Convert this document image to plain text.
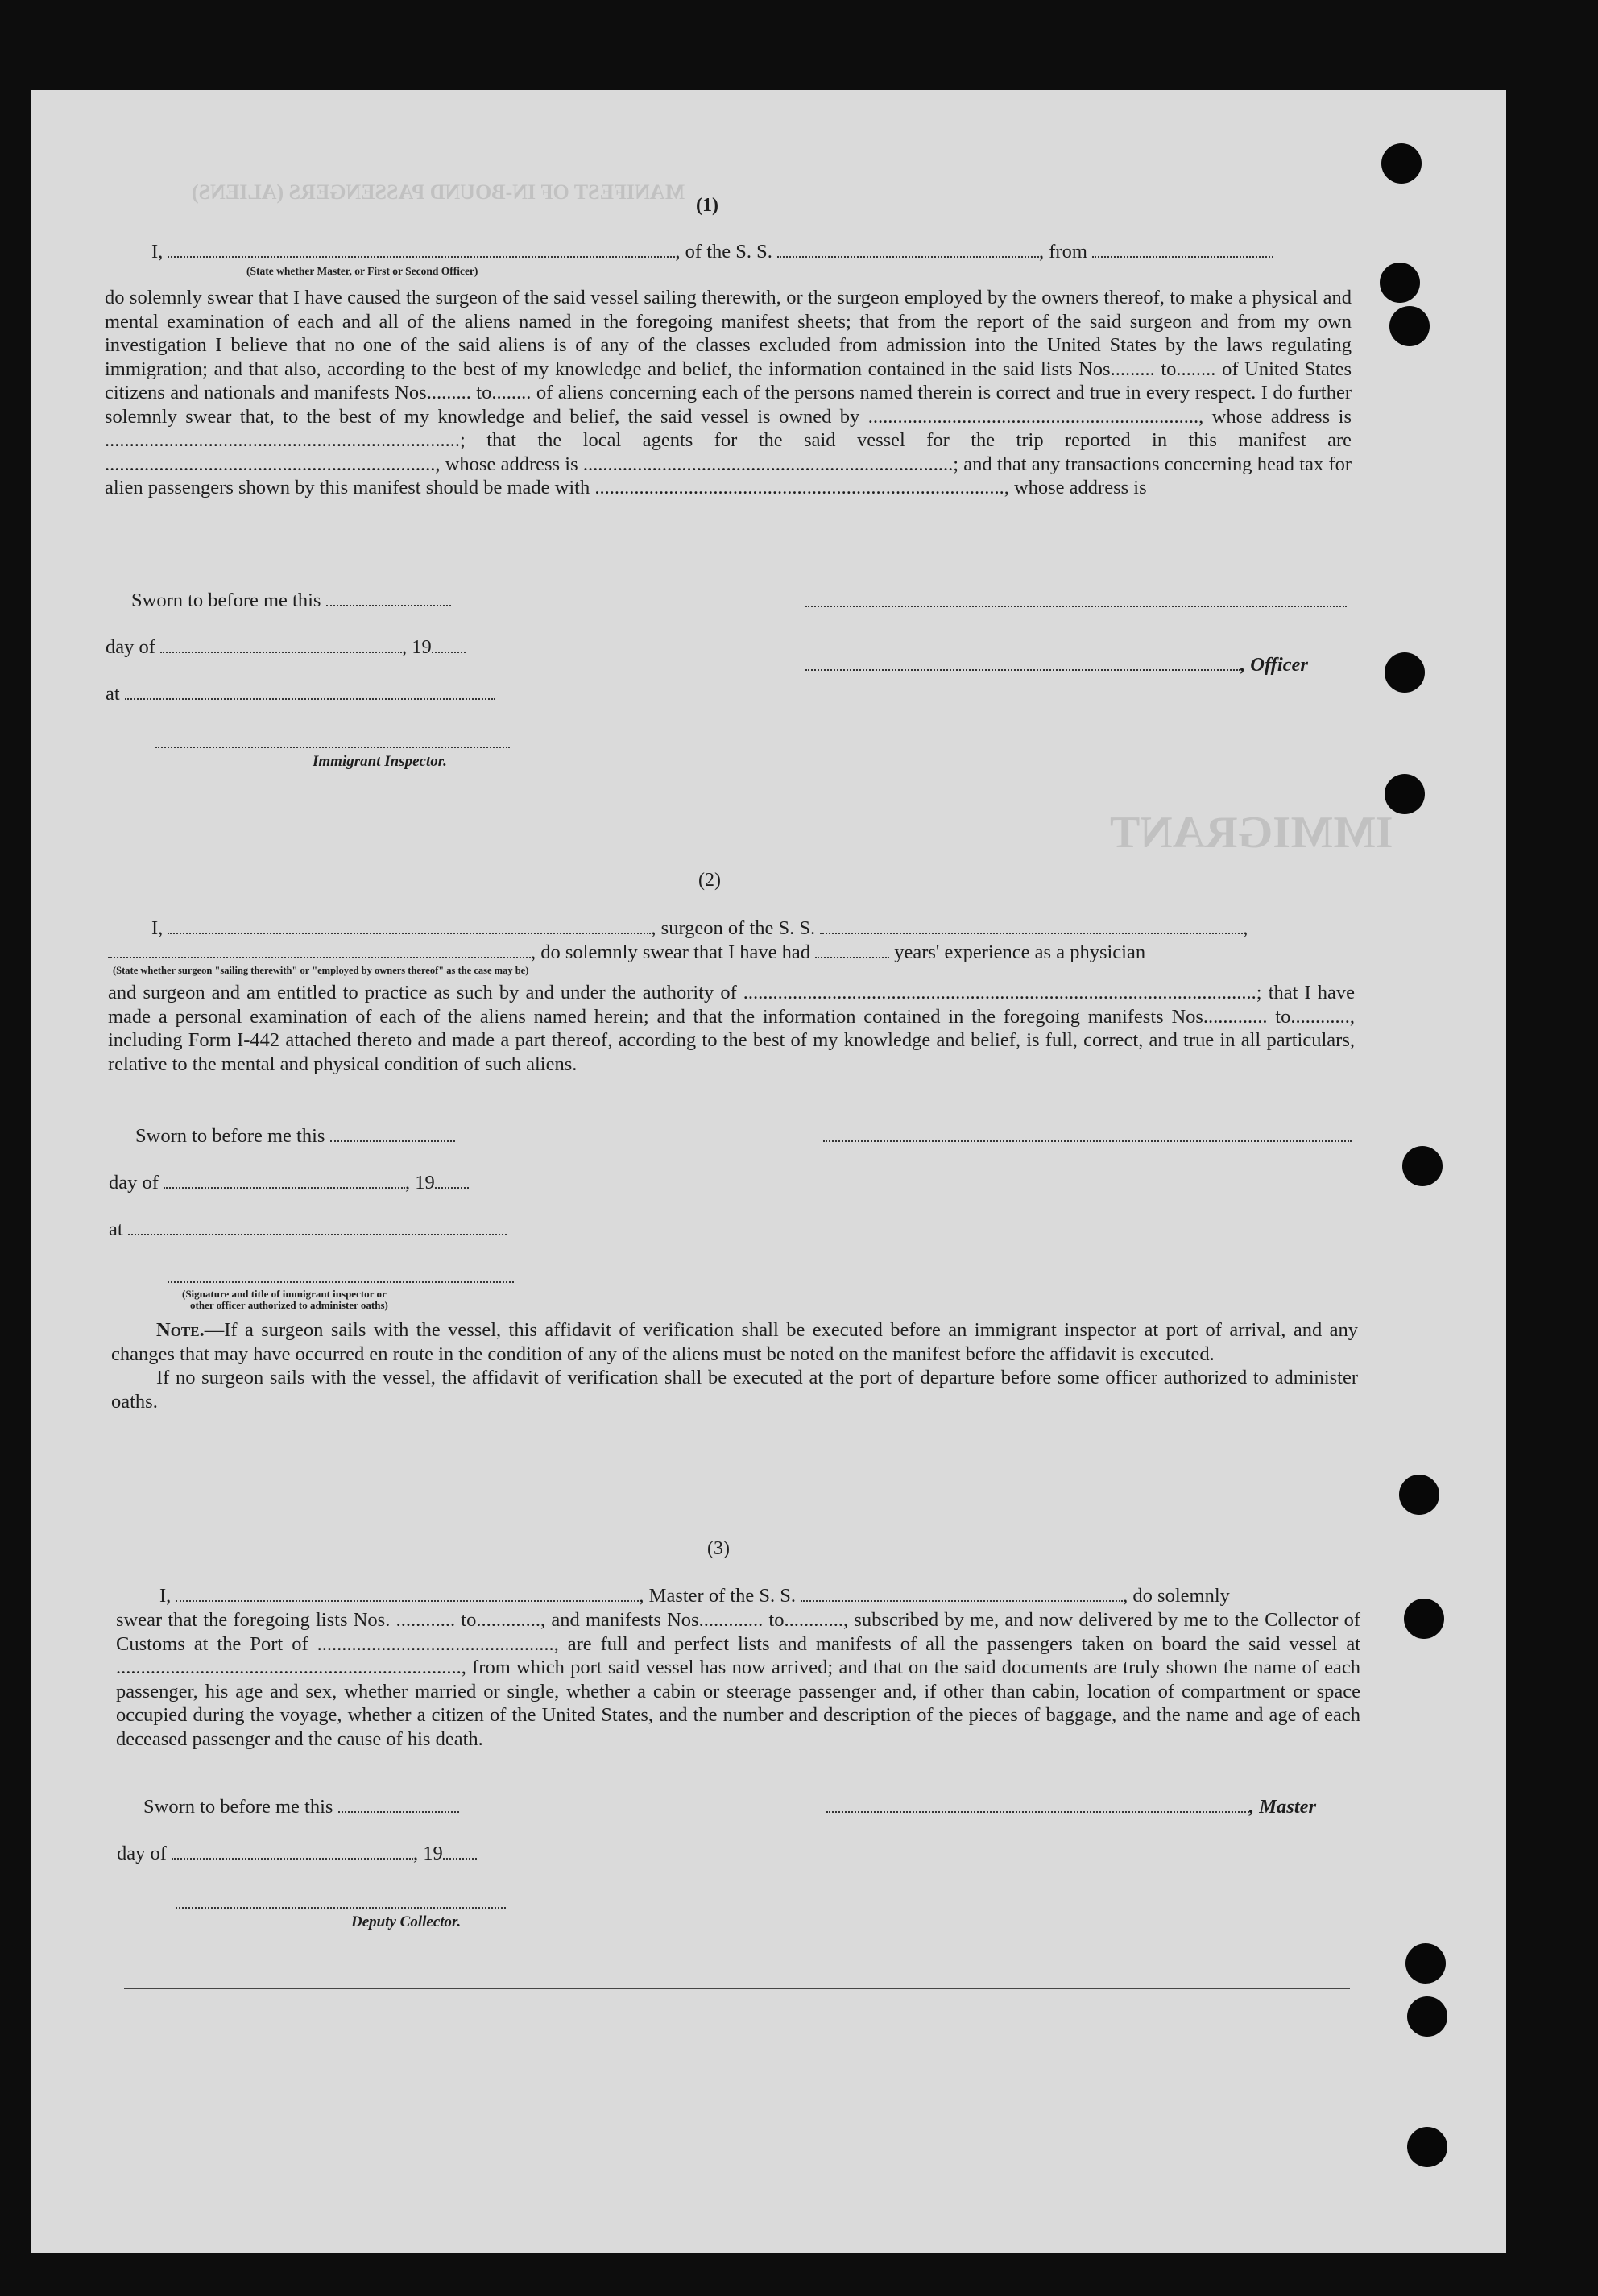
MANIFEST OF IN-BOUND PASSENGERS (ALIENS)
IMMIGRANT
(1)
I,	, of the S. S.	, from
(State whether Master, or First or Second Officer)

do solemnly swear that I have caused the surgeon of the said vessel sailing therewith, or the surgeon employed by the owners thereof, to make a physical and mental examination of each and all of the aliens named in the foregoing manifest sheets; that from the report of the said surgeon and from my own investigation I believe that no one of the said aliens is of any of the classes excluded from admission into the United States by the laws regulating immigration; and that also, according to the best of my knowledge and belief, the information contained in the said lists Nos......... to........ of United States citizens and nationals and manifests Nos......... to........ of aliens concerning each of the persons named therein is correct and true in every respect. I do further solemnly swear that, to the best of my knowledge and belief, the said vessel is owned by ..................................................................., whose address is ........................................................................; that the local agents for the said vessel for the trip reported in this manifest are ..................................................................., whose address is ...........................................................................; and that any transactions concerning head tax for alien passengers shown by this manifest should be made with ..................................................................................., whose address is

Sworn to before me this
day of	, 19
at
Immigrant Inspector.
, Officer
(2)
I,	, surgeon of the S. S.	,
, do solemnly swear that I have had	years' experience as a physician
(State whether surgeon "sailing therewith" or "employed by owners thereof" as the case may be)

and surgeon and am entitled to practice as such by and under the authority of ........................................................................................................; that I have made a personal examination of each of the aliens named herein; and that the information contained in the foregoing manifests Nos............. to............, including Form I-442 attached thereto and made a part thereof, according to the best of my knowledge and belief, is full, correct, and true in all particulars, relative to the mental and physical condition of such aliens.

Sworn to before me this
day of	, 19
at
(Signature and title of immigrant inspector or
other officer authorized to administer oaths)

Note.—If a surgeon sails with the vessel, this affidavit of verification shall be executed before an immigrant inspector at port of arrival, and any changes that may have occurred en route in the condition of any of the aliens must be noted on the manifest before the affidavit is executed.

If no surgeon sails with the vessel, the affidavit of verification shall be executed at the port of departure before some officer authorized to administer oaths.

(3)
I,	, Master of the S. S.	, do solemnly

swear that the foregoing lists Nos. ............ to............., and manifests Nos............. to............, subscribed by me, and now delivered by me to the Collector of Customs at the Port of ................................................, are full and perfect lists and manifests of all the passengers taken on board the said vessel at ......................................................................, from which port said vessel has now arrived; and that on the said documents are truly shown the name of each passenger, his age and sex, whether married or single, whether a cabin or steerage passenger and, if other than cabin, location of compartment or space occupied during the voyage, whether a citizen of the United States, and the number and description of the pieces of baggage, and the name and age of each deceased passenger and the cause of his death.

Sworn to before me this	, Master
day of	, 19
Deputy Collector.
